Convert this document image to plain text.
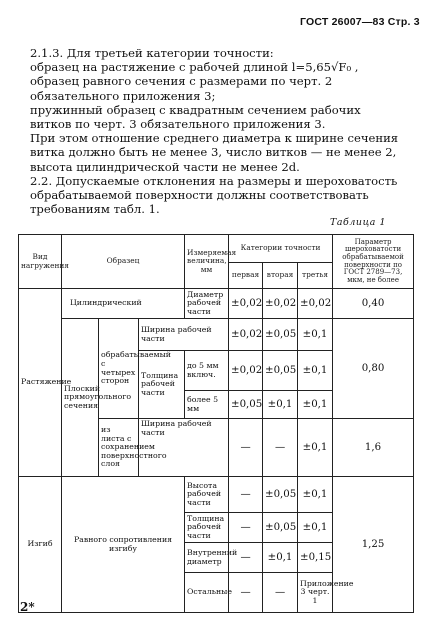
ГОСТ 26007—83 Стр. 3

2.1.3. Для третьей категории точности:

образец на растяжение с рабочей длиной l=5,65√F₀ ,

образец равного сечения с размерами по черт. 2 обязательного приложения 3;

пружинный образец с квадратным сечением рабочих витков по черт. 3 обязательного приложения 3.

При этом отношение среднего диаметра к ширине сечения витка должно быть не менее 3, число витков — не менее 2, высота цилиндрической части не менее 2d.

2.2. Допускаемые отклонения на размеры и шероховатость обрабатываемой поверхности должны соответствовать требованиям табл. 1.

Таблица 1
Вид нагружения	Образец			Измеряемая величина, мм	Категории точности			Параметр шероховатости обрабатываемой поверхности по ГОСТ 2789—73, мкм, не более
					первая	вторая	третья	
Растяжение	Цилиндрический			Диаметр рабочей части	±0,02	±0,02	±0,02	0,40
	Плоский прямоугольного сечения	обрабатываемый с четырех сторон	Ширина рабочей части		±0,02	±0,05	±0,1	0,80
			Толщина рабочей части	до 5 мм включ.	±0,02	±0,05	±0,1	
				более 5 мм	±0,05	±0,1	±0,1	

		из листа с сохранением поверхностного слоя	Ширина рабочей части		—	—	±0,1	1,6
Изгиб	Равного сопротивления изгибу			Высота рабочей части	—	±0,05	±0,1	1,25
				Толщина рабочей части	—	±0,05	±0,1	
				Внутренний диаметр	—	±0,1	±0,15	
				Остальные	—	—	Приложение 3 черт. 1	
2*
